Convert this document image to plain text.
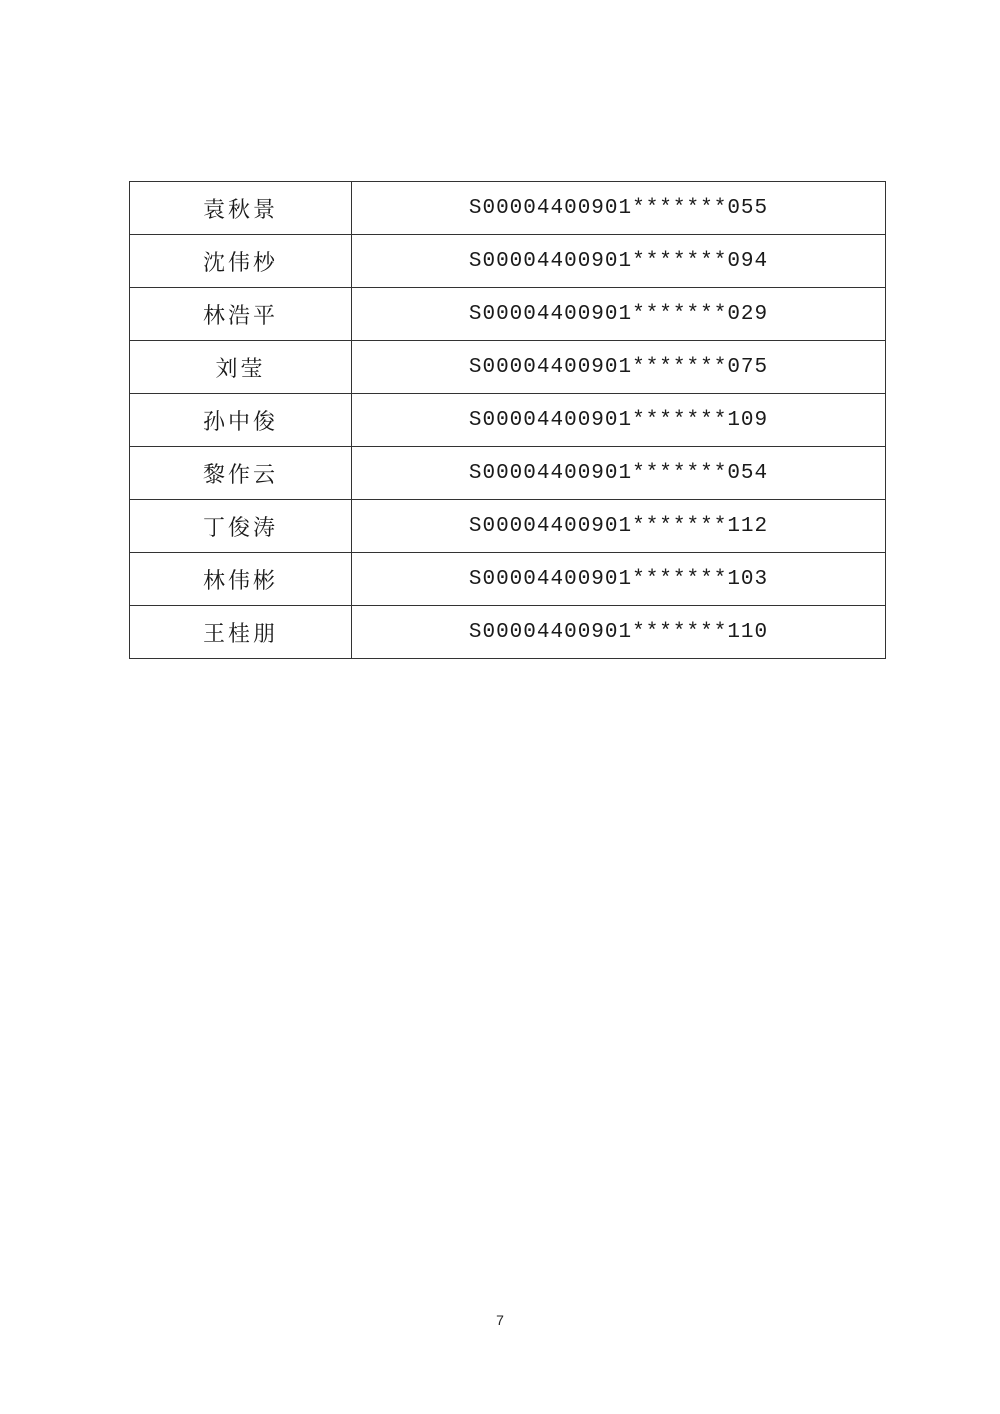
袁秋景	S00004400901*******055
沈伟杪	S00004400901*******094
林浩平	S00004400901*******029
刘莹	S00004400901*******075
孙中俊	S00004400901*******109
黎作云	S00004400901*******054
丁俊涛	S00004400901*******112
林伟彬	S00004400901*******103
王桂朋	S00004400901*******110
7
